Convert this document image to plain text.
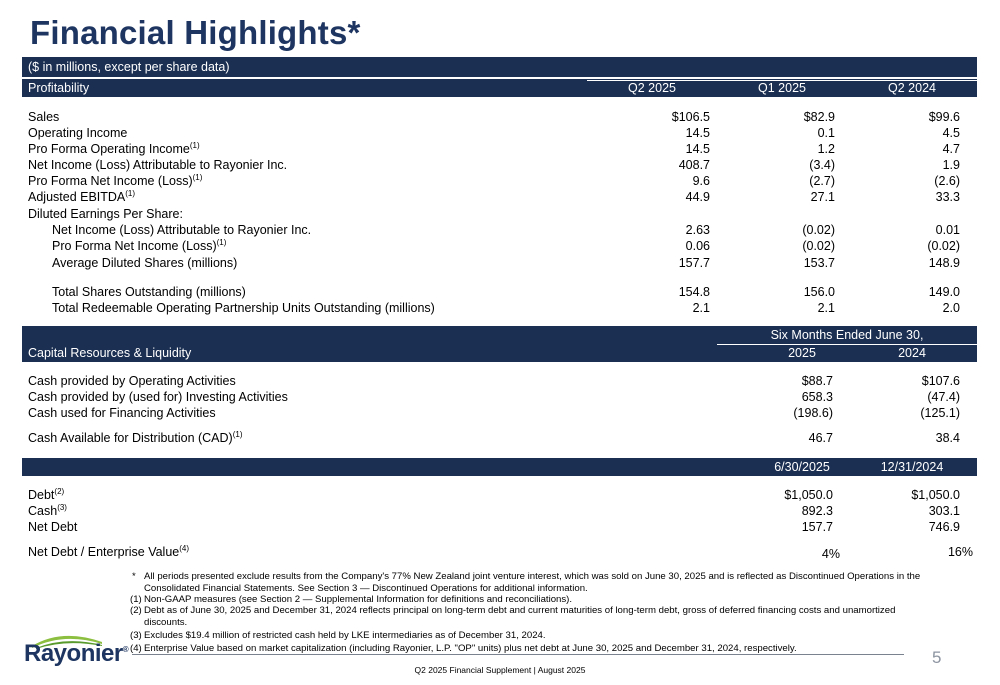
Financial Highlights*
($ in millions, except per share data)
Profitability	Q2 2025	Q1 2025	Q2 2024
Sales	$106.5	$82.9	$99.6
Operating Income	14.5	0.1	4.5
Pro Forma Operating Income$^{(1)}$	14.5	1.2	4.7
Net Income (Loss) Attributable to Rayonier Inc.	408.7	(3.4)	1.9
Pro Forma Net Income (Loss)$^{(1)}$	9.6	(2.7)	(2.6)
Adjusted EBITDA$^{(1)}$	44.9	27.1	33.3
Diluted Earnings Per Share:
Net Income (Loss) Attributable to Rayonier Inc.	2.63	(0.02)	0.01
Pro Forma Net Income (Loss)$^{(1)}$	0.06	(0.02)	(0.02)
Average Diluted Shares (millions)	157.7	153.7	148.9
Total Shares Outstanding (millions)	154.8	156.0	149.0
Total Redeemable Operating Partnership Units Outstanding (millions)	2.1	2.1	2.0
Six Months Ended June 30,
Capital Resources & Liquidity	2025	2024
Cash provided by Operating Activities	$88.7	$107.6
Cash provided by (used for) Investing Activities	658.3	(47.4)
Cash used for Financing Activities	(198.6)	(125.1)
Cash Available for Distribution (CAD)$^{(1)}$	46.7	38.4
6/30/2025	12/31/2024
Debt$^{(2)}$	$1,050.0	$1,050.0
Cash$^{(3)}$	892.3	303.1
Net Debt	157.7	746.9
Net Debt / Enterprise Value$^{(4)}$	4%	16%
* All periods presented exclude results from the Company's 77% New Zealand joint venture interest, which was sold on June 30, 2025 and is reflected as Discontinued Operations in the Consolidated Financial Statements. See Section 3 — Discontinued Operations for additional information.
(1) Non-GAAP measures (see Section 2 — Supplemental Information for definitions and reconciliations).
(2) Debt as of June 30, 2025 and December 31, 2024 reflects principal on long-term debt and current maturities of long-term debt, gross of deferred financing costs and unamortized discounts.
(3) Excludes $19.4 million of restricted cash held by LKE intermediaries as of December 31, 2024.
(4) Enterprise Value based on market capitalization (including Rayonier, L.P. "OP" units) plus net debt at June 30, 2025 and December 31, 2024, respectively.
Rayonier®	5
Q2 2025 Financial Supplement | August 2025
